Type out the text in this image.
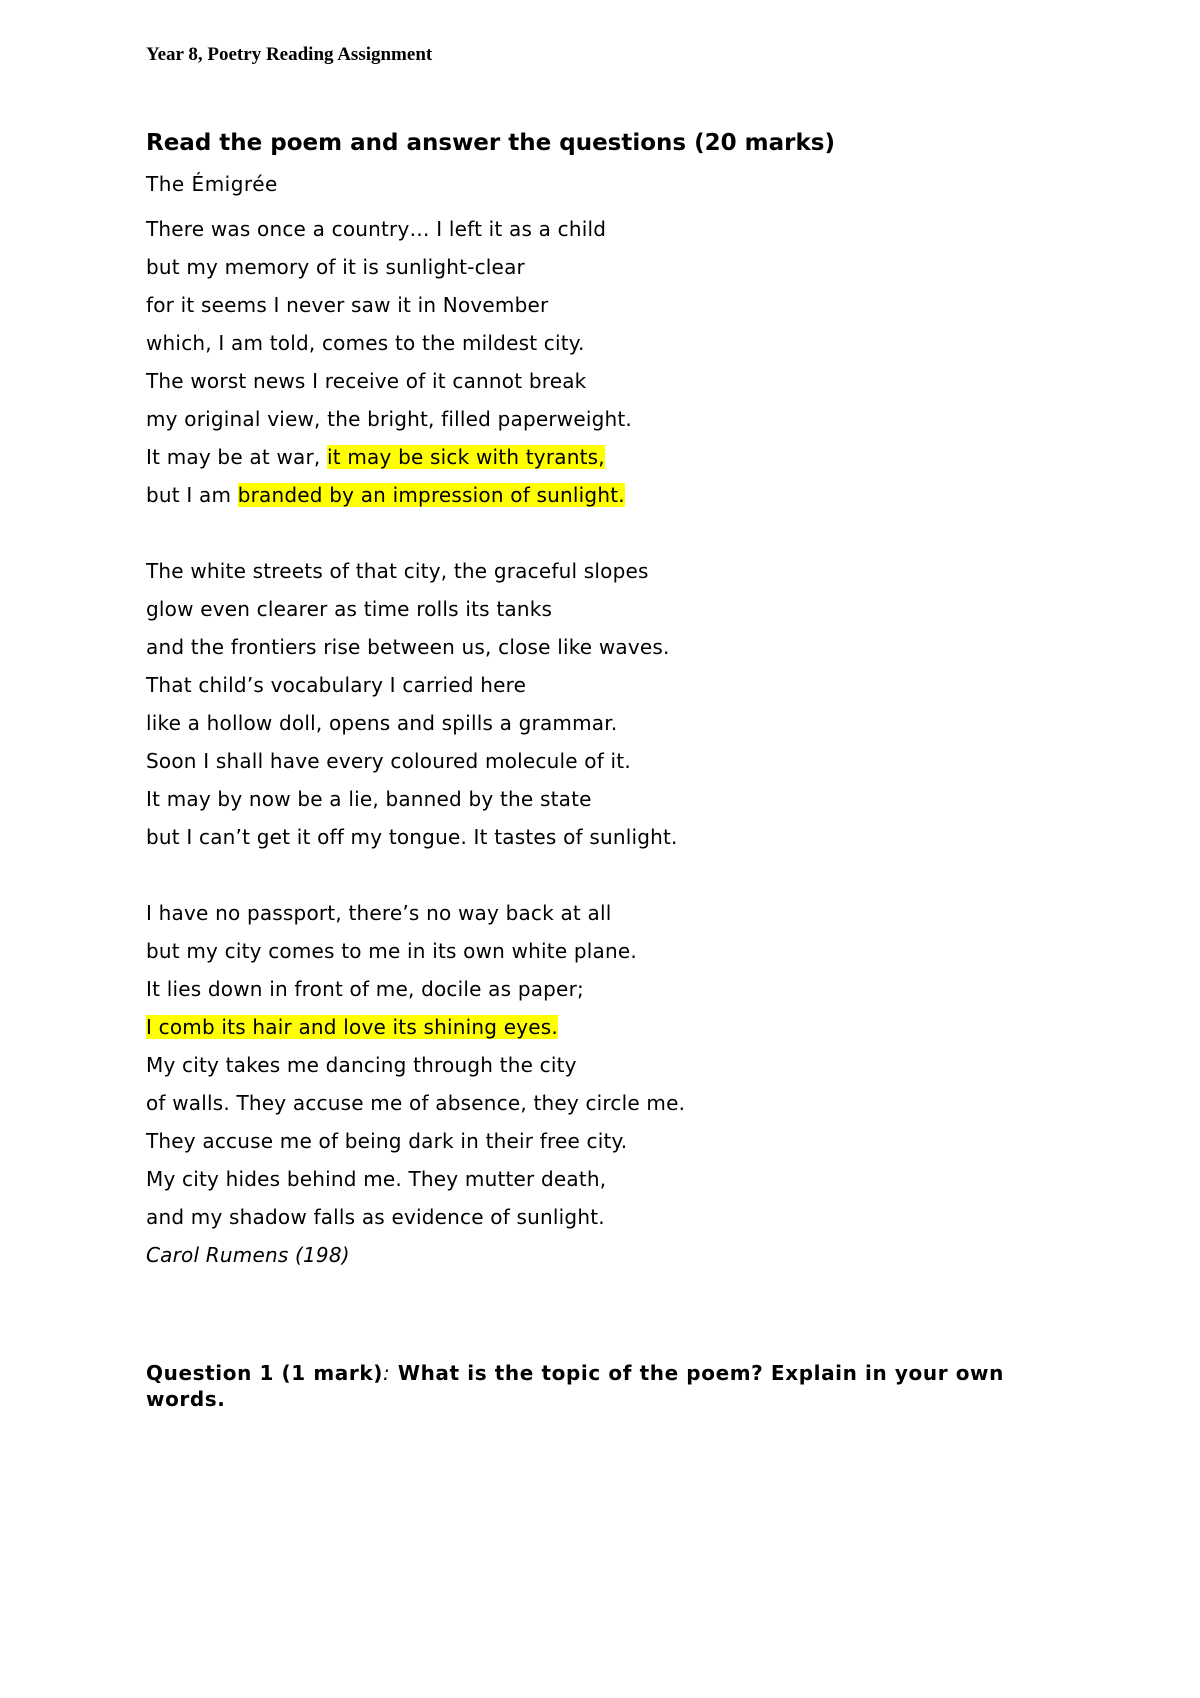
Year 8, Poetry Reading Assignment
Read the poem and answer the questions (20 marks)
The Émigrée
There was once a country… I left it as a child
but my memory of it is sunlight-clear
for it seems I never saw it in November
which, I am told, comes to the mildest city.
The worst news I receive of it cannot break
my original view, the bright, filled paperweight.
It may be at war, it may be sick with tyrants,
but I am branded by an impression of sunlight.
The white streets of that city, the graceful slopes
glow even clearer as time rolls its tanks
and the frontiers rise between us, close like waves.
That child’s vocabulary I carried here
like a hollow doll, opens and spills a grammar.
Soon I shall have every coloured molecule of it.
It may by now be a lie, banned by the state
but I can’t get it off my tongue. It tastes of sunlight.
I have no passport, there’s no way back at all
but my city comes to me in its own white plane.
It lies down in front of me, docile as paper;
I comb its hair and love its shining eyes.
My city takes me dancing through the city
of walls. They accuse me of absence, they circle me.
They accuse me of being dark in their free city.
My city hides behind me. They mutter death,
and my shadow falls as evidence of sunlight.
Carol Rumens (198)
Question 1 (1 mark): What is the topic of the poem? Explain in your own words.
